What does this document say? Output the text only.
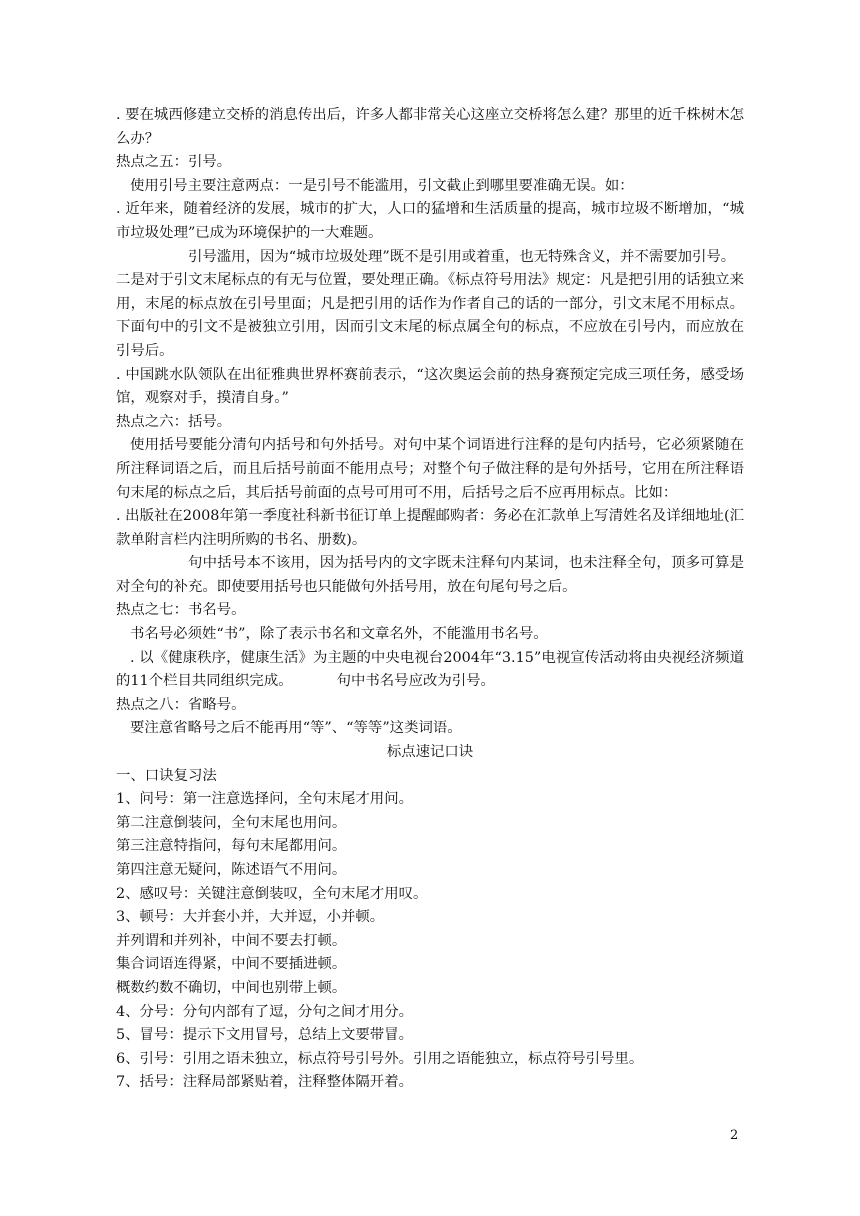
. 要在城西修建立交桥的消息传出后，许多人都非常关心这座立交桥将怎么建？那里的近千株树木怎么办？

热点之五：引号。

使用引号主要注意两点：一是引号不能滥用，引文截止到哪里要准确无误。如：

. 近年来，随着经济的发展，城市的扩大，人口的猛增和生活质量的提高，城市垃圾不断增加，“城市垃圾处理”已成为环境保护的一大难题。

引号滥用，因为“城市垃圾处理”既不是引用或着重，也无特殊含义，并不需要加引号。

二是对于引文末尾标点的有无与位置，要处理正确。《标点符号用法》规定：凡是把引用的话独立来用，末尾的标点放在引号里面；凡是把引用的话作为作者自己的话的一部分，引文末尾不用标点。下面句中的引文不是被独立引用，因而引文末尾的标点属全句的标点，不应放在引号内，而应放在引号后。

. 中国跳水队领队在出征雅典世界杯赛前表示，“这次奥运会前的热身赛预定完成三项任务，感受场馆，观察对手，摸清自身。”

热点之六：括号。

使用括号要能分清句内括号和句外括号。对句中某个词语进行注释的是句内括号，它必须紧随在所注释词语之后，而且后括号前面不能用点号；对整个句子做注释的是句外括号，它用在所注释语句末尾的标点之后，其后括号前面的点号可用可不用，后括号之后不应再用标点。比如：

. 出版社在2008年第一季度社科新书征订单上提醒邮购者：务必在汇款单上写清姓名及详细地址(汇款单附言栏内注明所购的书名、册数)。

句中括号本不该用，因为括号内的文字既未注释句内某词，也未注释全句，顶多可算是对全句的补充。即使要用括号也只能做句外括号用，放在句尾句号之后。

热点之七：书名号。

书名号必须姓“书”，除了表示书名和文章名外，不能滥用书名号。

. 以《健康秩序，健康生活》为主题的中央电视台2004年“3.15”电视宣传活动将由央视经济频道的11个栏目共同组织完成。	句中书名号应改为引号。

热点之八：省略号。

要注意省略号之后不能再用“等”、“等等”这类词语。

标点速记口诀

一、口诀复习法

1、问号：第一注意选择问，全句末尾才用问。

第二注意倒装问，全句末尾也用问。

第三注意特指问，每句末尾都用问。

第四注意无疑问，陈述语气不用问。

2、感叹号：关键注意倒装叹，全句末尾才用叹。

3、顿号：大并套小并，大并逗，小并顿。

并列谓和并列补，中间不要去打顿。

集合词语连得紧，中间不要插进顿。

概数约数不确切，中间也别带上顿。

4、分号：分句内部有了逗，分句之间才用分。

5、冒号：提示下文用冒号，总结上文要带冒。

6、引号：引用之语未独立，标点符号引号外。引用之语能独立，标点符号引号里。

7、括号：注释局部紧贴着，注释整体隔开着。

2
